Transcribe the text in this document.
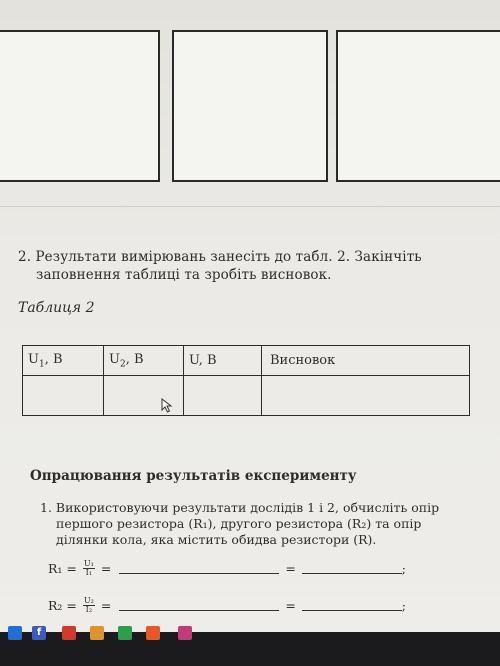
2. Результати вимірювань занесіть до табл. 2. Закінчіть
заповнення таблиці та зробіть висновок.
Таблиця 2
$U_1$, В	$U_2$, В	U, В	Висновок

Опрацювання результатів експерименту
1. Використовуючи результати дослідів 1 і 2, обчисліть опір
першого резистора (R₁), другого резистора (R₂) та опір
ділянки кола, яка містить обидва резистори (R).
$R_1 = \frac{\text{U₁}}{\text{I₁}}$ =	=	;
$R_2 = \frac{\text{U₂}}{\text{I₂}}$ =	=	;
f
